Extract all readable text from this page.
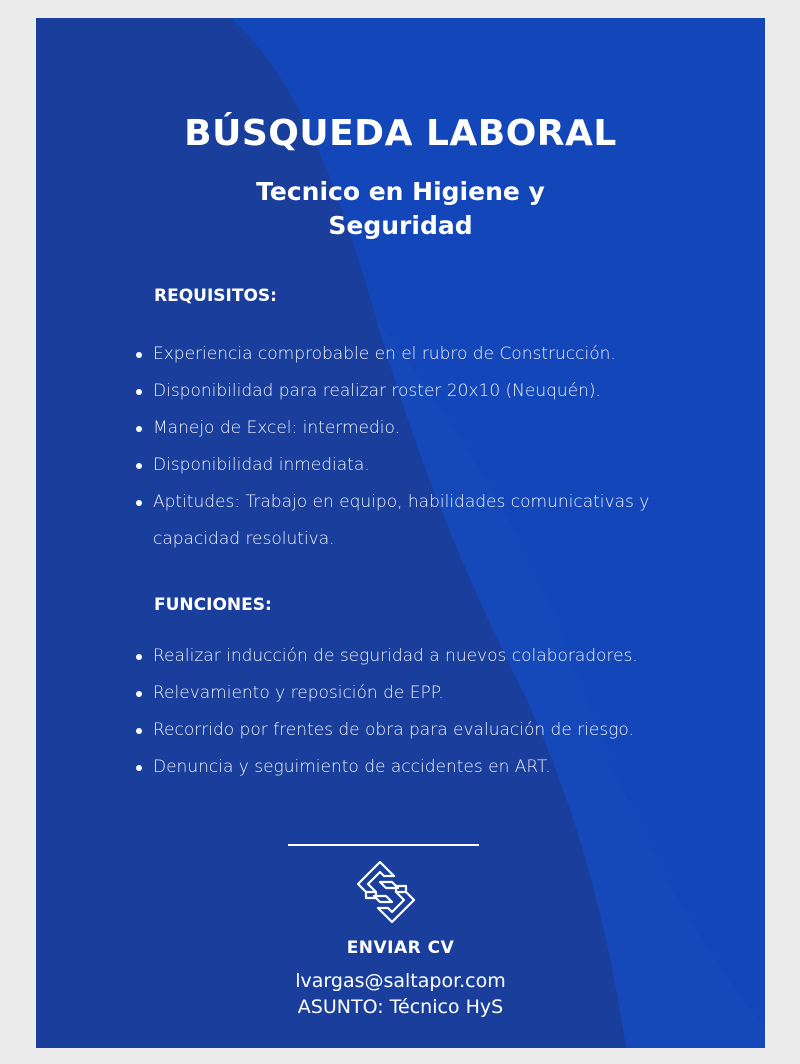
BÚSQUEDA LABORAL
Tecnico en Higiene y
Seguridad
REQUISITOS:
Experiencia comprobable en el rubro de Construcción.
Disponibilidad para realizar roster 20x10 (Neuquén).
Manejo de Excel: intermedio.
Disponibilidad inmediata.
Aptitudes: Trabajo en equipo, habilidades comunicativas y capacidad resolutiva.
FUNCIONES:
Realizar inducción de seguridad a nuevos colaboradores.
Relevamiento y reposición de EPP.
Recorrido por frentes de obra para evaluación de riesgo.
Denuncia y seguimiento de accidentes en ART.
ENVIAR CV
lvargas@saltapor.com
ASUNTO: Técnico HyS
